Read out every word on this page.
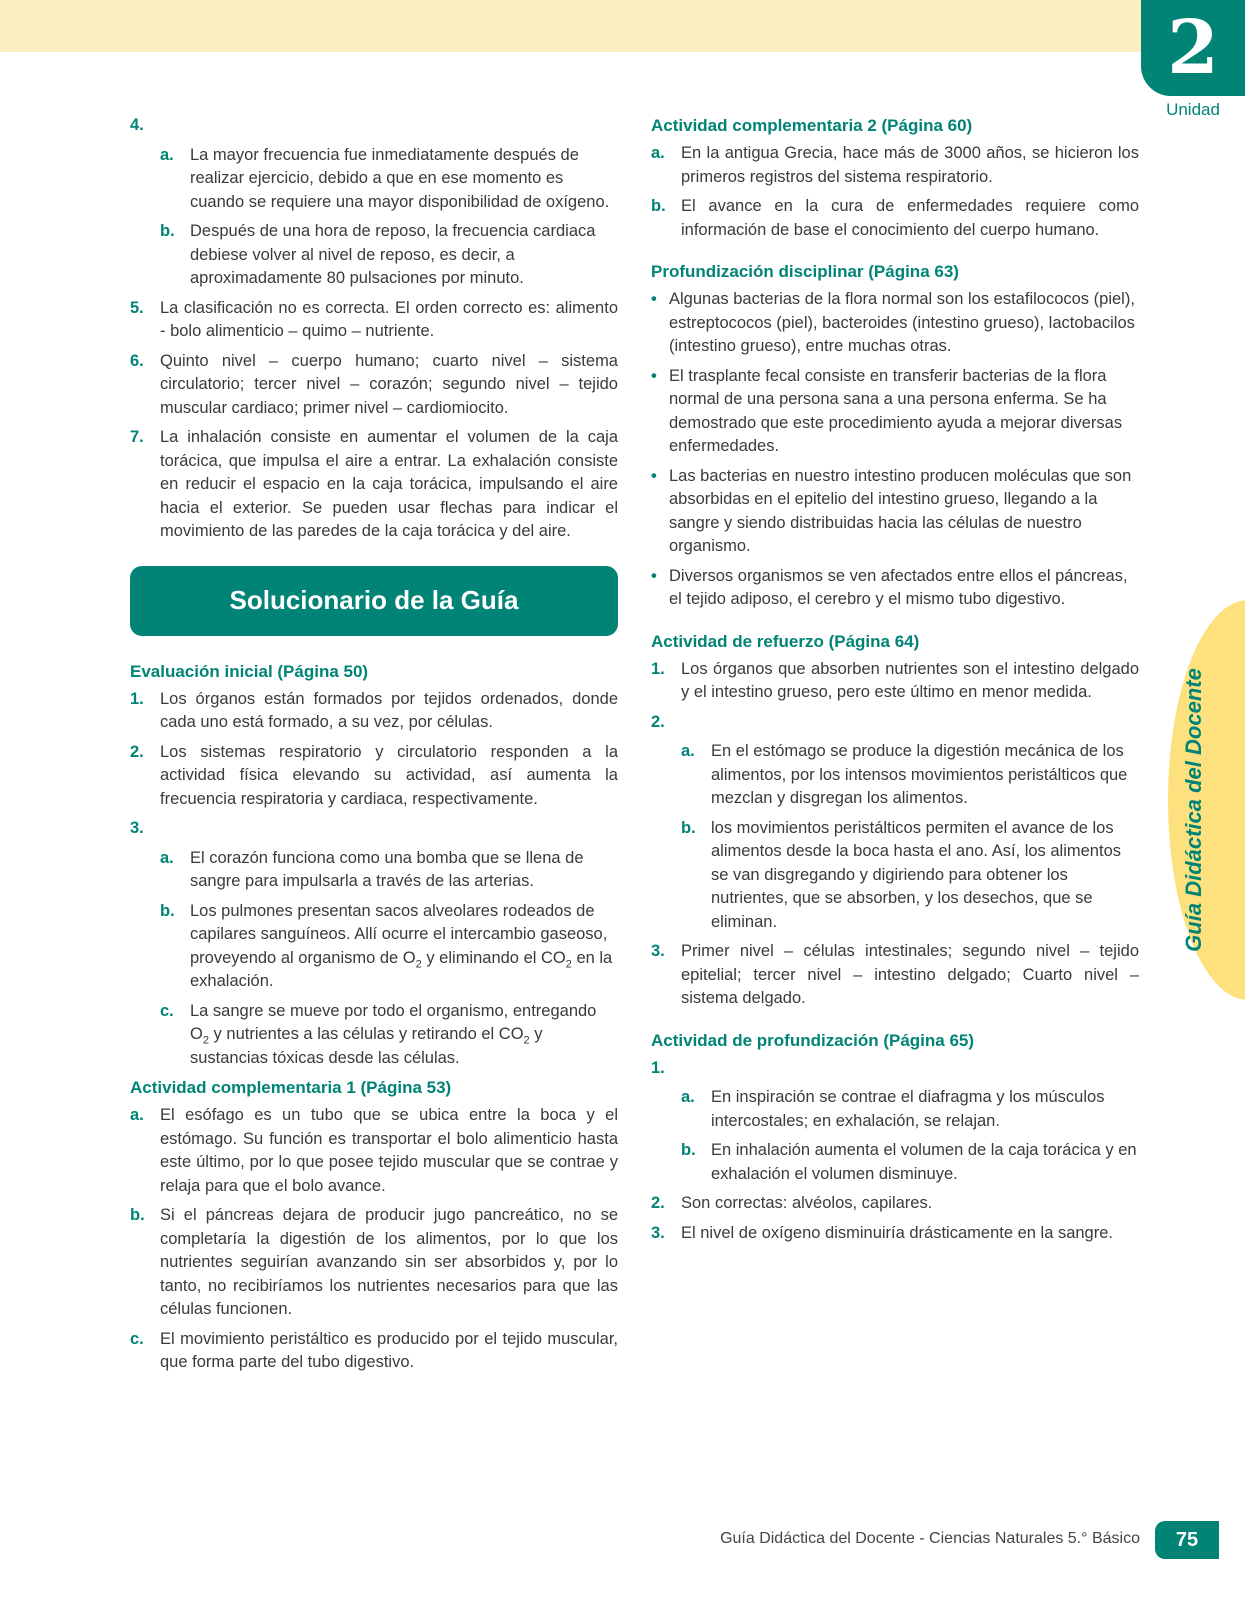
2
Unidad
Guía Didáctica del Docente
4.

a. La mayor frecuencia fue inmediatamente después de realizar ejercicio, debido a que en ese momento es cuando se requiere una mayor disponibilidad de oxígeno.
b. Después de una hora de reposo, la frecuencia cardiaca debiese volver al nivel de reposo, es decir, a aproximadamente 80 pulsaciones por minuto.
5. La clasificación no es correcta. El orden correcto es: alimento - bolo alimenticio – quimo – nutriente.
6. Quinto nivel – cuerpo humano; cuarto nivel – sistema circulatorio; tercer nivel – corazón; segundo nivel – tejido muscular cardiaco; primer nivel – cardiomiocito.
7. La inhalación consiste en aumentar el volumen de la caja torácica, que impulsa el aire a entrar. La exhalación consiste en reducir el espacio en la caja torácica, impulsando el aire hacia el exterior. Se pueden usar flechas para indicar el movimiento de las paredes de la caja torácica y del aire.
Solucionario de la Guía
Evaluación inicial (Página 50)
1. Los órganos están formados por tejidos ordenados, donde cada uno está formado, a su vez, por células.
2. Los sistemas respiratorio y circulatorio responden a la actividad física elevando su actividad, así aumenta la frecuencia respiratoria y cardiaca, respectivamente.
3.

a. El corazón funciona como una bomba que se llena de sangre para impulsarla a través de las arterias.
b. Los pulmones presentan sacos alveolares rodeados de capilares sanguíneos. Allí ocurre el intercambio gaseoso, proveyendo al organismo de $O_2$ y eliminando el $CO_2$ en la exhalación.
c. La sangre se mueve por todo el organismo, entregando $O_2$ y nutrientes a las células y retirando el $CO_2$ y sustancias tóxicas desde las células.
Actividad complementaria 1 (Página 53)
a. El esófago es un tubo que se ubica entre la boca y el estómago. Su función es transportar el bolo alimenticio hasta este último, por lo que posee tejido muscular que se contrae y relaja para que el bolo avance.
b. Si el páncreas dejara de producir jugo pancreático, no se completaría la digestión de los alimentos, por lo que los nutrientes seguirían avanzando sin ser absorbidos y, por lo tanto, no recibiríamos los nutrientes necesarios para que las células funcionen.
c. El movimiento peristáltico es producido por el tejido muscular, que forma parte del tubo digestivo.
Actividad complementaria 2 (Página 60)
a. En la antigua Grecia, hace más de 3000 años, se hicieron los primeros registros del sistema respiratorio.
b. El avance en la cura de enfermedades requiere como información de base el conocimiento del cuerpo humano.
Profundización disciplinar (Página 63)
• Algunas bacterias de la flora normal son los estafilococos (piel), estreptococos (piel), bacteroides (intestino grueso), lactobacilos (intestino grueso), entre muchas otras.
• El trasplante fecal consiste en transferir bacterias de la flora normal de una persona sana a una persona enferma. Se ha demostrado que este procedimiento ayuda a mejorar diversas enfermedades.
• Las bacterias en nuestro intestino producen moléculas que son absorbidas en el epitelio del intestino grueso, llegando a la sangre y siendo distribuidas hacia las células de nuestro organismo.
• Diversos organismos se ven afectados entre ellos el páncreas, el tejido adiposo, el cerebro y el mismo tubo digestivo.
Actividad de refuerzo (Página 64)
1. Los órganos que absorben nutrientes son el intestino delgado y el intestino grueso, pero este último en menor medida.
2.

a. En el estómago se produce la digestión mecánica de los alimentos, por los intensos movimientos peristálticos que mezclan y disgregan los alimentos.
b. los movimientos peristálticos permiten el avance de los alimentos desde la boca hasta el ano. Así, los alimentos se van disgregando y digiriendo para obtener los nutrientes, que se absorben, y los desechos, que se eliminan.
3. Primer nivel – células intestinales; segundo nivel – tejido epitelial; tercer nivel – intestino delgado; Cuarto nivel – sistema delgado.
Actividad de profundización (Página 65)
1.

a. En inspiración se contrae el diafragma y los músculos intercostales; en exhalación, se relajan.
b. En inhalación aumenta el volumen de la caja torácica y en exhalación el volumen disminuye.
2. Son correctas: alvéolos, capilares.
3. El nivel de oxígeno disminuiría drásticamente en la sangre.
Guía Didáctica del Docente - Ciencias Naturales 5.° Básico	75
